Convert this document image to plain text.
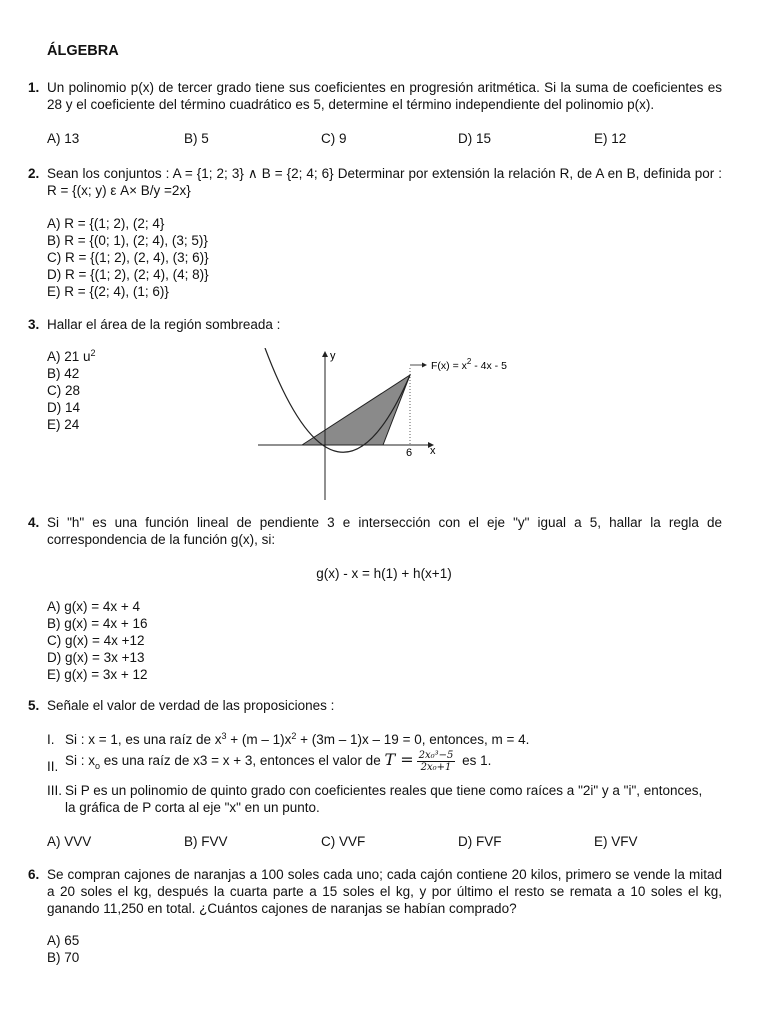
ÁLGEBRA
1. Un polinomio p(x) de tercer grado tiene sus coeficientes en progresión aritmética. Si la suma de coeficientes es 28 y el coeficiente del término cuadrático es 5, determine el término independiente del polinomio p(x).
A) 13	B) 5	C) 9	D) 15	E) 12
2. Sean los conjuntos : A = {1; 2; 3} ∧ B = {2; 4; 6} Determinar por extensión la relación R, de A en B, definida por : R = {(x; y) ε A× B/y =2x}
A) R = {(1; 2), (2; 4}
B) R = {(0; 1), (2; 4), (3; 5)}
C) R = {(1; 2), (2, 4), (3; 6)}
D) R = {(1; 2), (2; 4), (4; 8)}
E) R = {(2; 4), (1; 6)}
3. Hallar el área de la región sombreada :
A) 21 $u^2$
B) 42
C) 28
D) 14
E) 24
y
x
6
$F(x) = x^2 - 4x - 5$
4. Si "h" es una función lineal de pendiente 3 e intersección con el eje "y" igual a 5, hallar la regla de correspondencia de la función g(x), si:
g(x) - x = h(1) + h(x+1)
A) g(x) = 4x + 4
B) g(x) = 4x + 16
C) g(x) = 4x +12
D) g(x) = 3x +13
E) g(x) = 3x + 12
5. Señale el valor de verdad de las proposiciones :
I. Si : x = 1, es una raíz de $x^3 + (m - 1)x^2 + (3m - 1)x - 19 = 0$, entonces, m = 4.
II. Si : $x_o$ es una raíz de x3 = x + 3, entonces el valor de $T = \frac{\text{2x₀³−5}}{\text{2x₀+1}}$ es 1.
III. Si P es un polinomio de quinto grado con coeficientes reales que tiene como raíces a "2i" y a "i", entonces, la gráfica de P corta al eje "x" en un punto.
A) VVV	B) FVV	C) VVF	D) FVF	E) VFV
6. Se compran cajones de naranjas a 100 soles cada uno; cada cajón contiene 20 kilos, primero se vende la mitad a 20 soles el kg, después la cuarta parte a 15 soles el kg, y por último el resto se remata a 10 soles el kg, ganando 11,250 en total. ¿Cuántos cajones de naranjas se habían comprado?
A) 65
B) 70
